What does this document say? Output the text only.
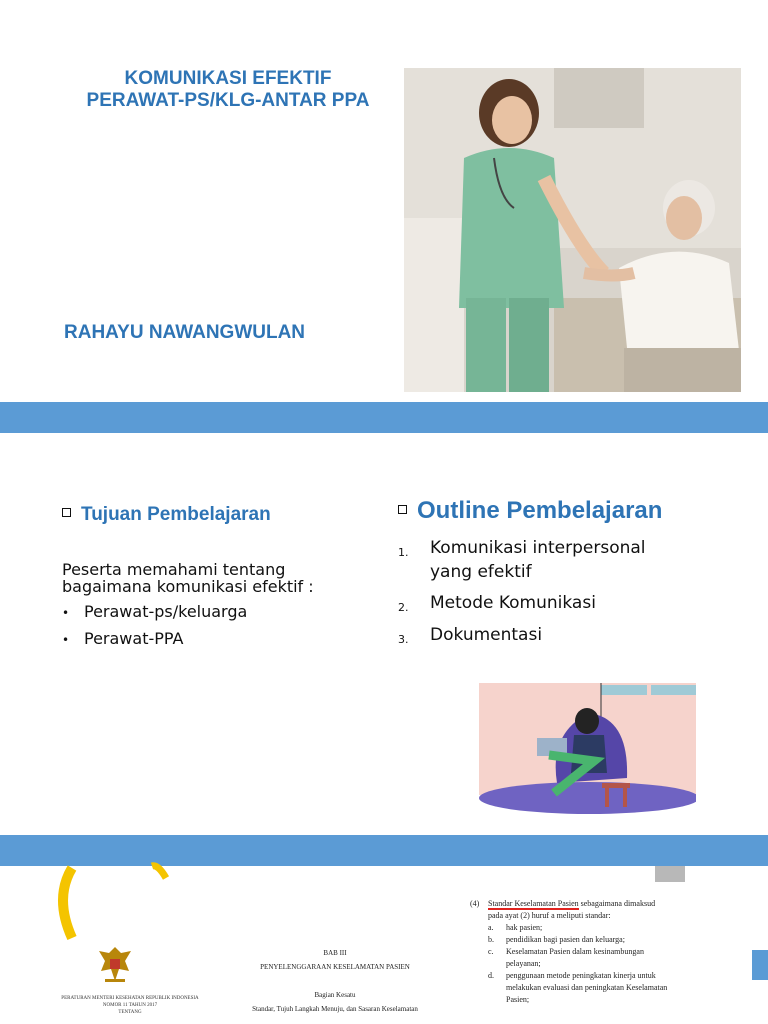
KOMUNIKASI EFEKTIF
PERAWAT-PS/KLG-ANTAR PPA
RAHAYU NAWANGWULAN
Tujuan Pembelajaran
Peserta memahami tentang
bagaimana komunikasi efektif :
• Perawat-ps/keluarga
• Perawat-PPA
Outline Pembelajaran
1. Komunikasi interpersonal
yang efektif
2. Metode Komunikasi
3. Dokumentasi
PERATURAN MENTERI KESEHATAN REPUBLIK INDONESIA
NOMOR 11 TAHUN 2017
TENTANG
BAB III
PENYELENGGARAAN KESELAMATAN PASIEN
Bagian Kesatu
Standar, Tujuh Langkah Menuju, dan Sasaran Keselamatan
(4) Standar Keselamatan Pasien sebagaimana dimaksud
pada ayat (2) huruf a meliputi standar:
a. hak pasien;
b. pendidikan bagi pasien dan keluarga;
c. Keselamatan Pasien dalam kesinambungan
pelayanan;
d. penggunaan metode peningkatan kinerja untuk
melakukan evaluasi dan peningkatan Keselamatan
Pasien;
